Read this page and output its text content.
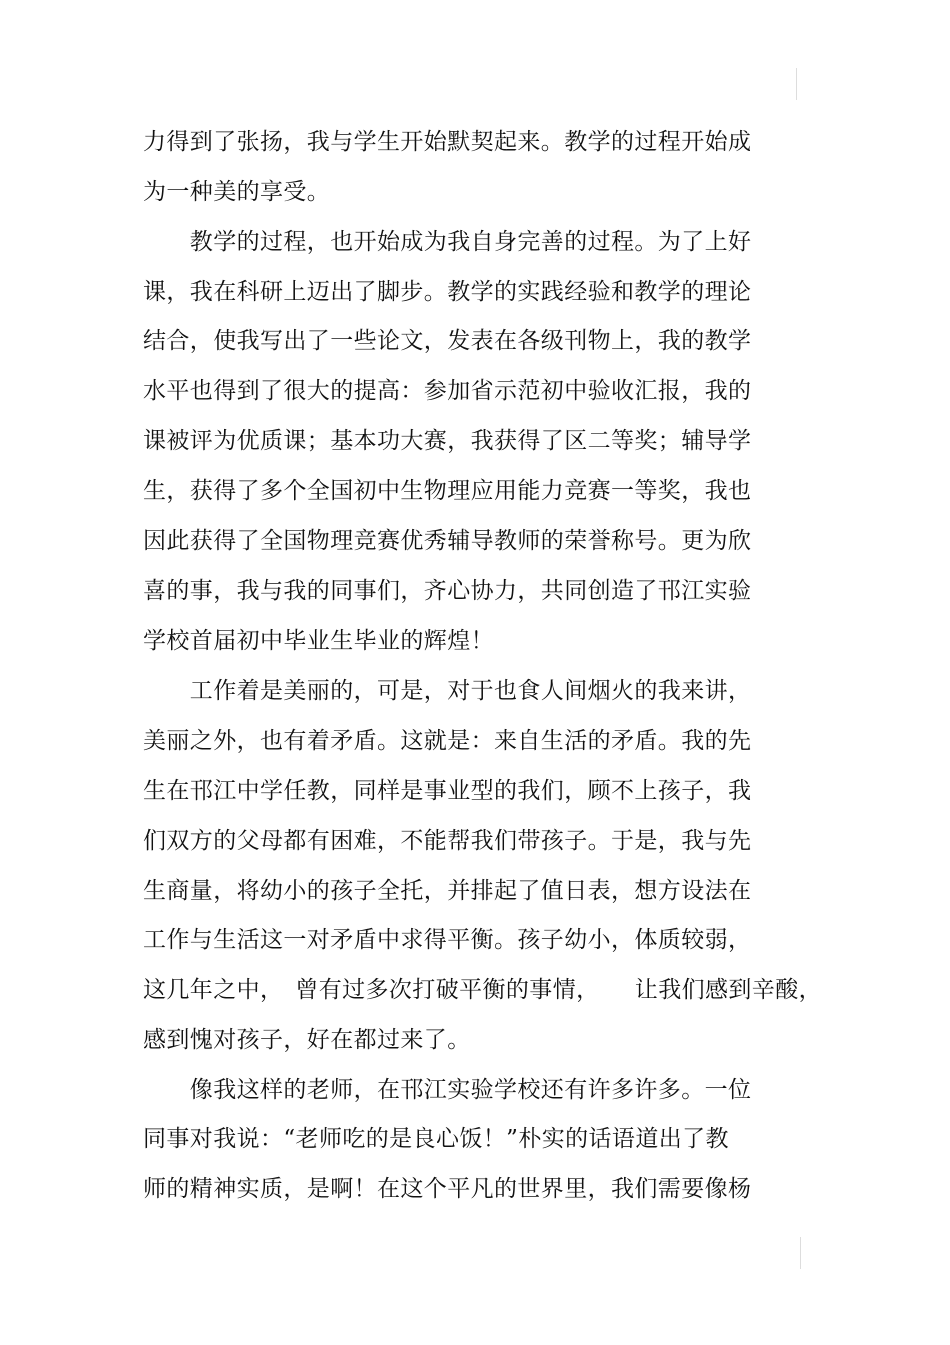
力得到了张扬，我与学生开始默契起来。教学的过程开始成
为一种美的享受。
　　教学的过程，也开始成为我自身完善的过程。为了上好
课，我在科研上迈出了脚步。教学的实践经验和教学的理论
结合，使我写出了一些论文，发表在各级刊物上，我的教学
水平也得到了很大的提高：参加省示范初中验收汇报，我的
课被评为优质课；基本功大赛，我获得了区二等奖；辅导学
生，获得了多个全国初中生物理应用能力竞赛一等奖，我也
因此获得了全国物理竞赛优秀辅导教师的荣誉称号。更为欣
喜的事，我与我的同事们，齐心协力，共同创造了邗江实验
学校首届初中毕业生毕业的辉煌！
　　工作着是美丽的，可是，对于也食人间烟火的我来讲，
美丽之外，也有着矛盾。这就是：来自生活的矛盾。我的先
生在邗江中学任教，同样是事业型的我们，顾不上孩子，我
们双方的父母都有困难，不能帮我们带孩子。于是，我与先
生商量，将幼小的孩子全托，并排起了值日表，想方设法在
工作与生活这一对矛盾中求得平衡。孩子幼小，体质较弱，
这几年之中，　曾有过多次打破平衡的事情，　　让我们感到辛酸，
感到愧对孩子，好在都过来了。
　　像我这样的老师，在邗江实验学校还有许多许多。一位
同事对我说：“老师吃的是良心饭！”朴实的话语道出了教
师的精神实质，是啊！在这个平凡的世界里，我们需要像杨
